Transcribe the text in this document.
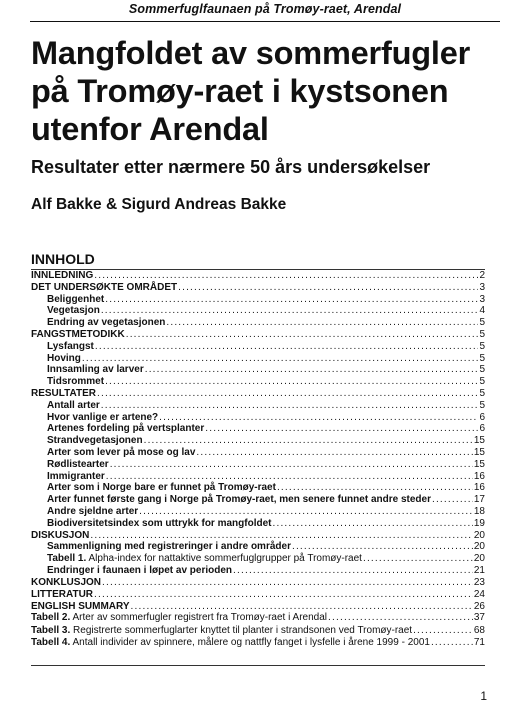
Sommerfuglfaunaen på Tromøy-raet, Arendal
Mangfoldet av sommerfugler
på Tromøy-raet i kystsonen
utenfor Arendal
Resultater etter nærmere 50 års undersøkelser
Alf Bakke & Sigurd Andreas Bakke
INNHOLD
INNLEDNING .....	2
DET UNDERSØKTE OMRÅDET .....	3
Beliggenhet .....	3
Vegetasjon .....	4
Endring av vegetasjonen .....	5
FANGSTMETODIKK .....	5
Lysfangst .....	5
Hoving .....	5
Innsamling av larver .....	5
Tidsrommet .....	5
RESULTATER .....	5
Antall arter .....	5
Hvor vanlige er artene? .....	6
Artenes fordeling på vertsplanter .....	6
Strandvegetasjonen .....	15
Arter som lever på mose og lav .....	15
Rødlistearter .....	15
Immigranter .....	16
Arter som i Norge bare er funnet på Tromøy-raet .....	16
Arter funnet første gang i Norge på Tromøy-raet, men senere funnet andre steder .....	17
Andre sjeldne arter .....	18
Biodiversitetsindex som uttrykk for mangfoldet .....	19
DISKUSJON .....	20
Sammenligning med registreringer i andre områder .....	20
Tabell 1. Alpha-index for nattaktive sommerfuglgrupper på Tromøy-raet .....	20
Endringer i faunaen i løpet av perioden .....	21
KONKLUSJON .....	23
LITTERATUR .....	24
ENGLISH SUMMARY .....	26
Tabell 2. Arter av sommerfugler registrert fra Tromøy-raet i Arendal .....	37
Tabell 3. Registrerte sommerfuglarter knyttet til planter i strandsonen ved Tromøy-raet .....	68
Tabell 4. Antall individer av spinnere, målere og nattfly fanget i lysfelle i årene 1999 - 2001 .....	71
1
